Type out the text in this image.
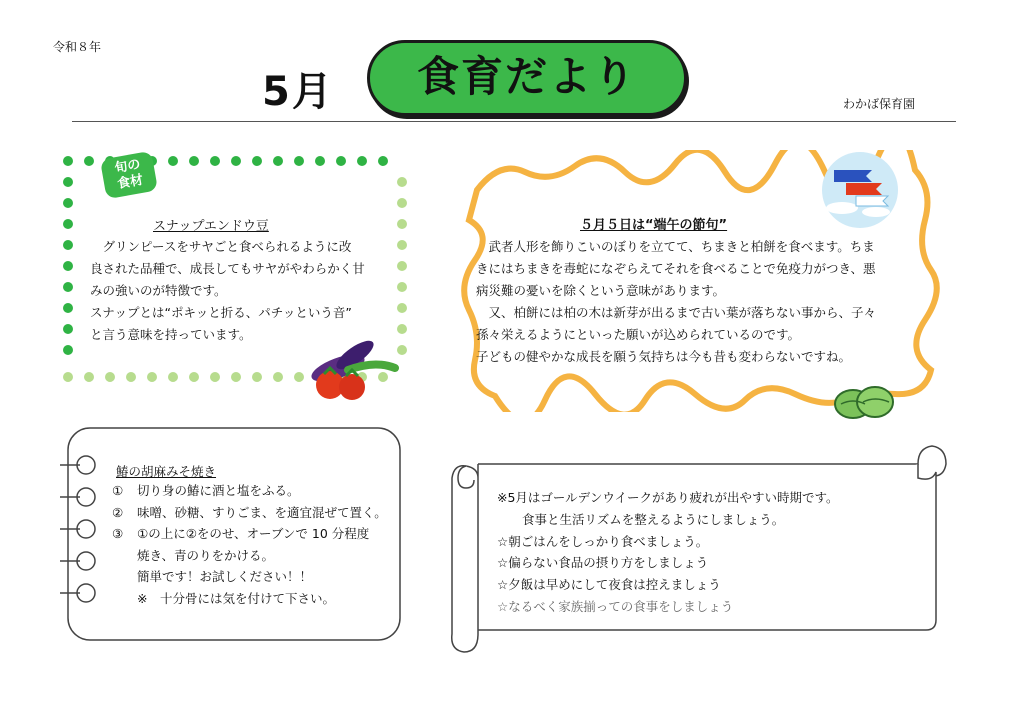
令和８年
5月	食育だより
わかば保育園
旬の
食材
スナップエンドウ豆
　グリンピースをサヤごと食べられるように改
良された品種で、成長してもサヤがやわらかく甘
みの強いのが特徴です。
スナップとは“ポキッと折る、パチッという音”
と言う意味を持っています。
５月５日は“端午の節句”
　武者人形を飾りこいのぼりを立てて、ちまきと柏餅を食べます。ちま
きにはちまきを毒蛇になぞらえてそれを食べることで免疫力がつき、悪
病災難の憂いを除くという意味があります。
　又、柏餅には柏の木は新芽が出るまで古い葉が落ちない事から、子々
孫々栄えるようにといった願いが込められているのです。
子どもの健やかな成長を願う気持ちは今も昔も変わらないですね。
鰆の胡麻みそ焼き
①	切り身の鰆に酒と塩をふる。
②	味噌、砂糖、すりごま、を適宜混ぜて置く。
③	①の上に②をのせ、オーブンで 10 分程度
焼き、青のりをかける。
簡単です！お試しください！！
※　十分骨には気を付けて下さい。
※5月はゴールデンウイークがあり疲れが出やすい時期です。
　　食事と生活リズムを整えるようにしましょう。
☆朝ごはんをしっかり食べましょう。
☆偏らない食品の摂り方をしましょう
☆夕飯は早めにして夜食は控えましょう
☆なるべく家族揃っての食事をしましょう
